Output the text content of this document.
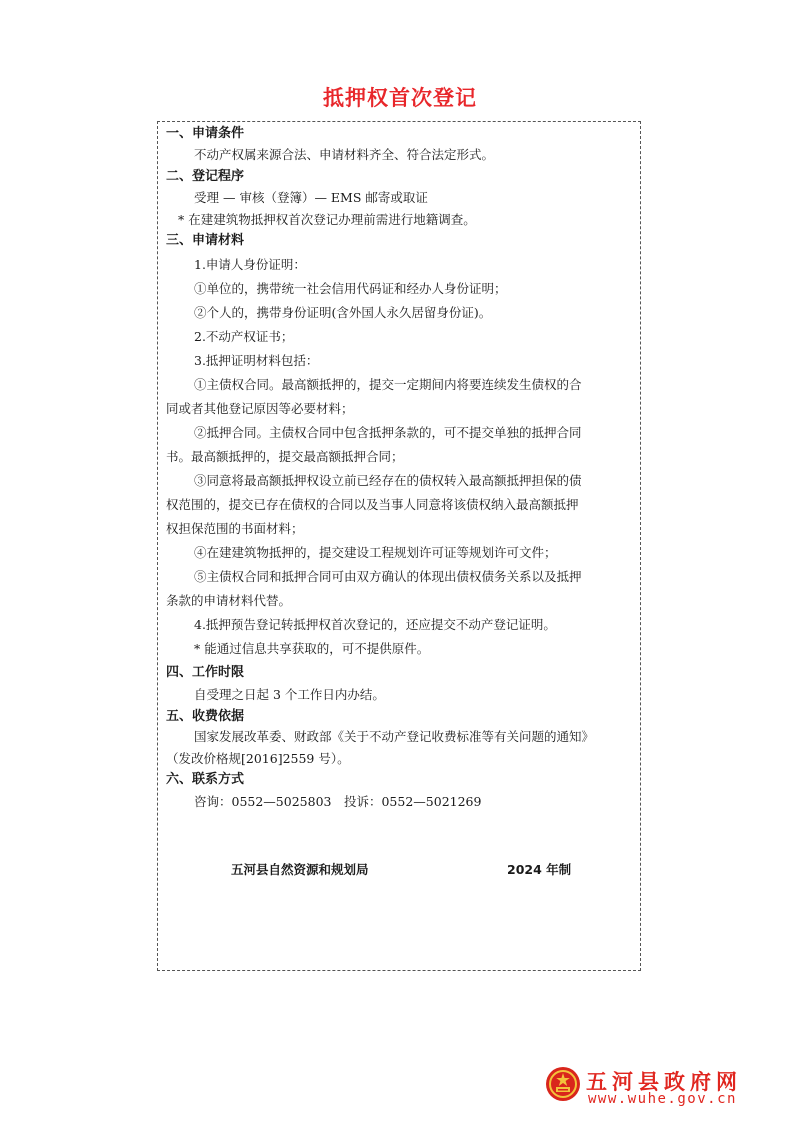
抵押权首次登记
一、申请条件
不动产权属来源合法、申请材料齐全、符合法定形式。
二、登记程序
受理 — 审核（登簿）— EMS 邮寄或取证
* 在建建筑物抵押权首次登记办理前需进行地籍调查。
三、申请材料
1.申请人身份证明：
①单位的，携带统一社会信用代码证和经办人身份证明；
②个人的，携带身份证明(含外国人永久居留身份证)。
2.不动产权证书；
3.抵押证明材料包括：
①主债权合同。最高额抵押的，提交一定期间内将要连续发生债权的合
同或者其他登记原因等必要材料；
②抵押合同。主债权合同中包含抵押条款的，可不提交单独的抵押合同
书。最高额抵押的，提交最高额抵押合同；
③同意将最高额抵押权设立前已经存在的债权转入最高额抵押担保的债
权范围的，提交已存在债权的合同以及当事人同意将该债权纳入最高额抵押
权担保范围的书面材料；
④在建建筑物抵押的，提交建设工程规划许可证等规划许可文件；
⑤主债权合同和抵押合同可由双方确认的体现出债权债务关系以及抵押
条款的申请材料代替。
4.抵押预告登记转抵押权首次登记的，还应提交不动产登记证明。
* 能通过信息共享获取的，可不提供原件。
四、工作时限
自受理之日起 3 个工作日内办结。
五、收费依据
国家发展改革委、财政部《关于不动产登记收费标准等有关问题的通知》
（发改价格规[2016]2559 号）。
六、联系方式
咨询：0552—5025803　投诉：0552—5021269
五河县自然资源和规划局	2024 年制
五河县政府网
www.wuhe.gov.cn
